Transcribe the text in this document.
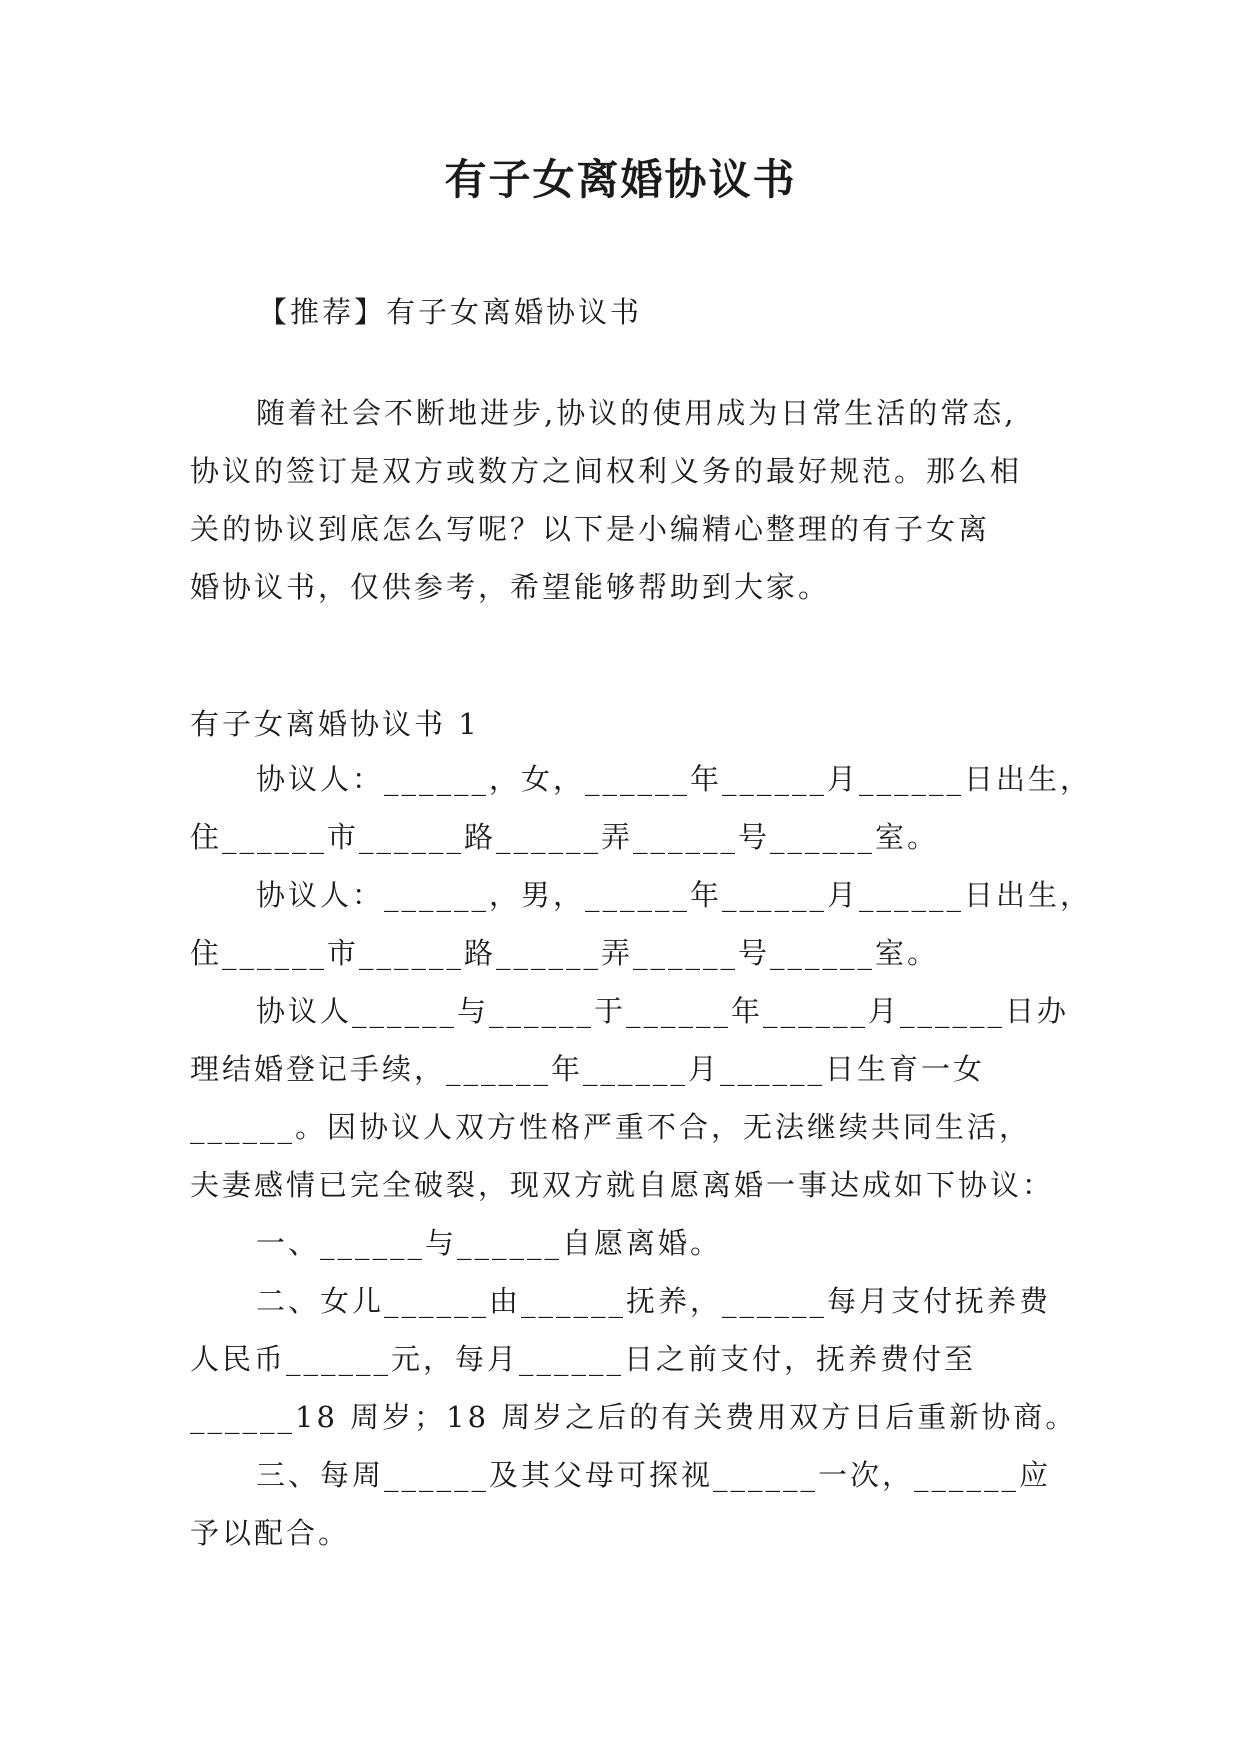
有子女离婚协议书
【推荐】有子女离婚协议书
随着社会不断地进步,协议的使用成为日常生活的常态,
协议的签订是双方或数方之间权利义务的最好规范。那么相
关的协议到底怎么写呢？以下是小编精心整理的有子女离
婚协议书，仅供参考，希望能够帮助到大家。
有子女离婚协议书 1
协议人：______，女，______年______月______日出生，
住______市______路______弄______号______室。
协议人：______，男，______年______月______日出生，
住______市______路______弄______号______室。
协议人______与______于______年______月______日办
理结婚登记手续，______年______月______日生育一女
______。因协议人双方性格严重不合，无法继续共同生活，
夫妻感情已完全破裂，现双方就自愿离婚一事达成如下协议：
一、______与______自愿离婚。
二、女儿______由______抚养，______每月支付抚养费
人民币______元，每月______日之前支付，抚养费付至
______18 周岁；18 周岁之后的有关费用双方日后重新协商。
三、每周______及其父母可探视______一次，______应
予以配合。
